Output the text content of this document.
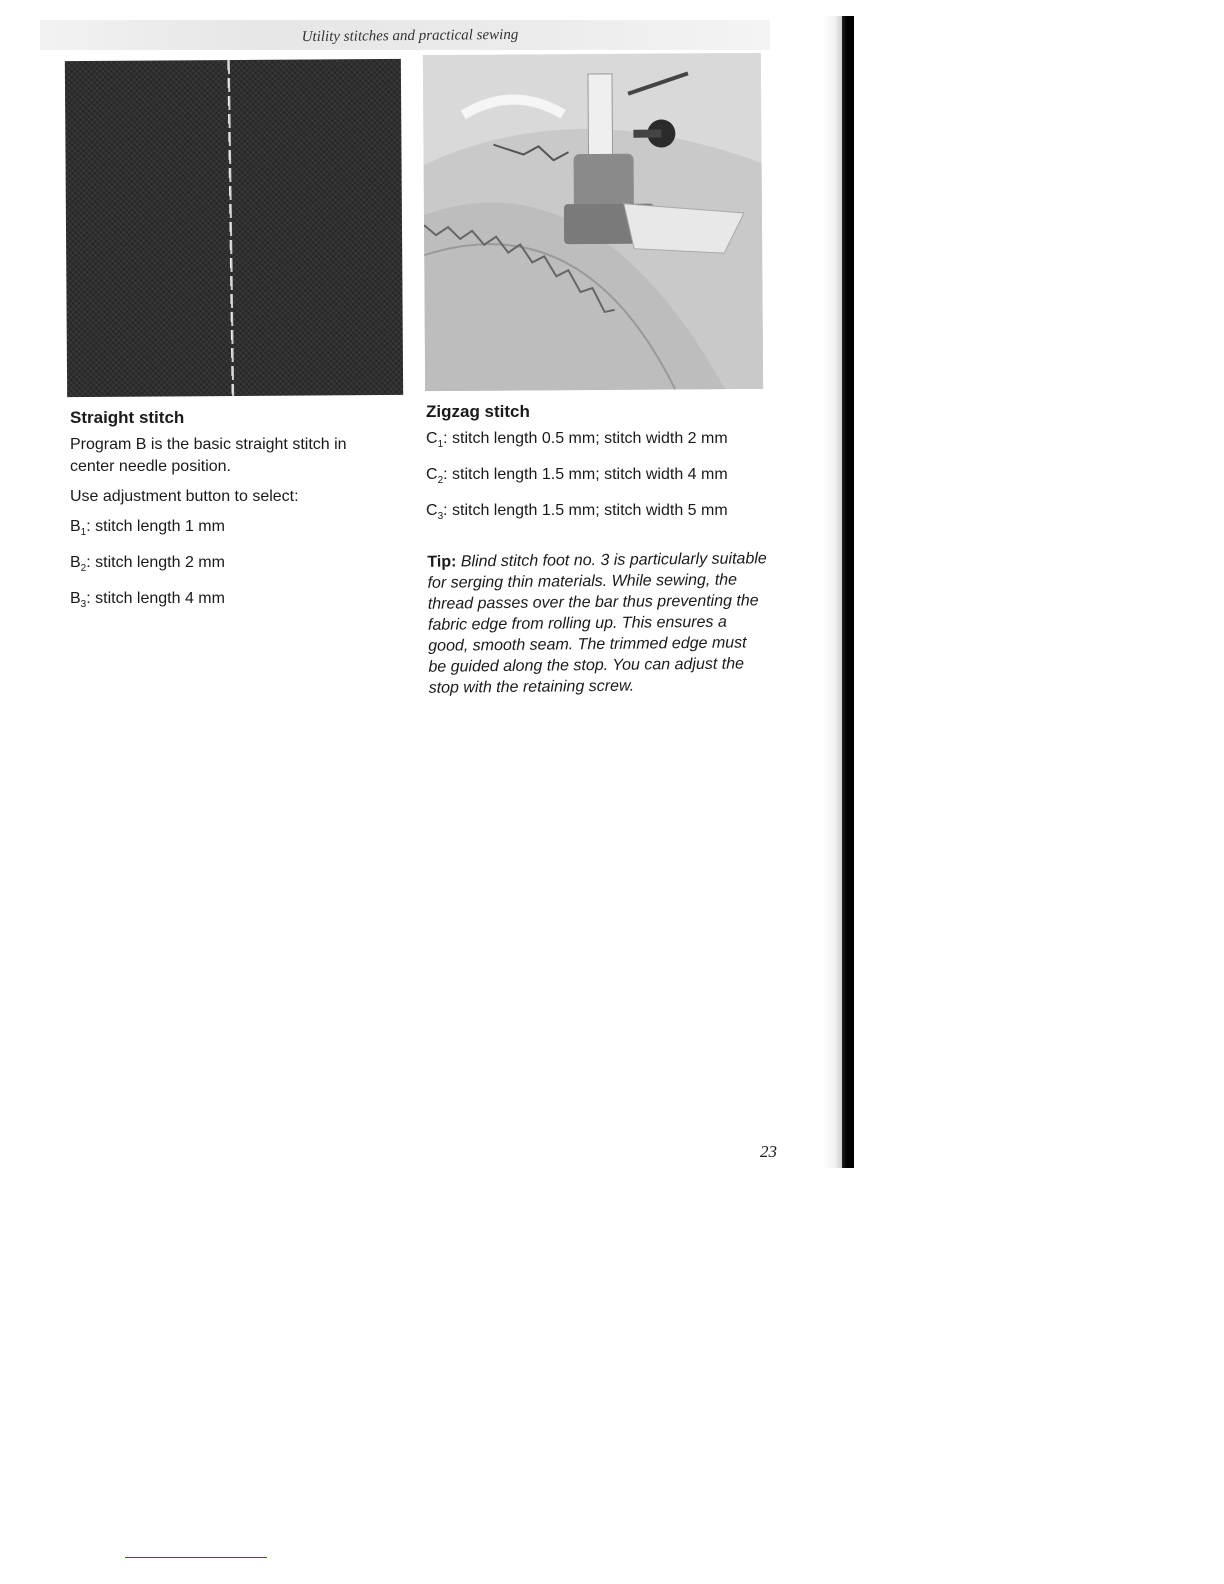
Utility stitches and practical sewing
Straight stitch

Program B is the basic straight stitch in center needle position.

Use adjustment button to select:

$B_1$: stitch length 1 mm

$B_2$: stitch length 2 mm

$B_3$: stitch length 4 mm

Zigzag stitch

$C_1$: stitch length 0.5 mm; stitch width 2 mm

$C_2$: stitch length 1.5 mm; stitch width 4 mm

$C_3$: stitch length 1.5 mm; stitch width 5 mm

Tip: Blind stitch foot no. 3 is particularly suitable for serging thin materials. While sewing, the thread passes over the bar thus preventing the fabric edge from rolling up. This ensures a good, smooth seam. The trimmed edge must be guided along the stop. You can adjust the stop with the retaining screw.
23
